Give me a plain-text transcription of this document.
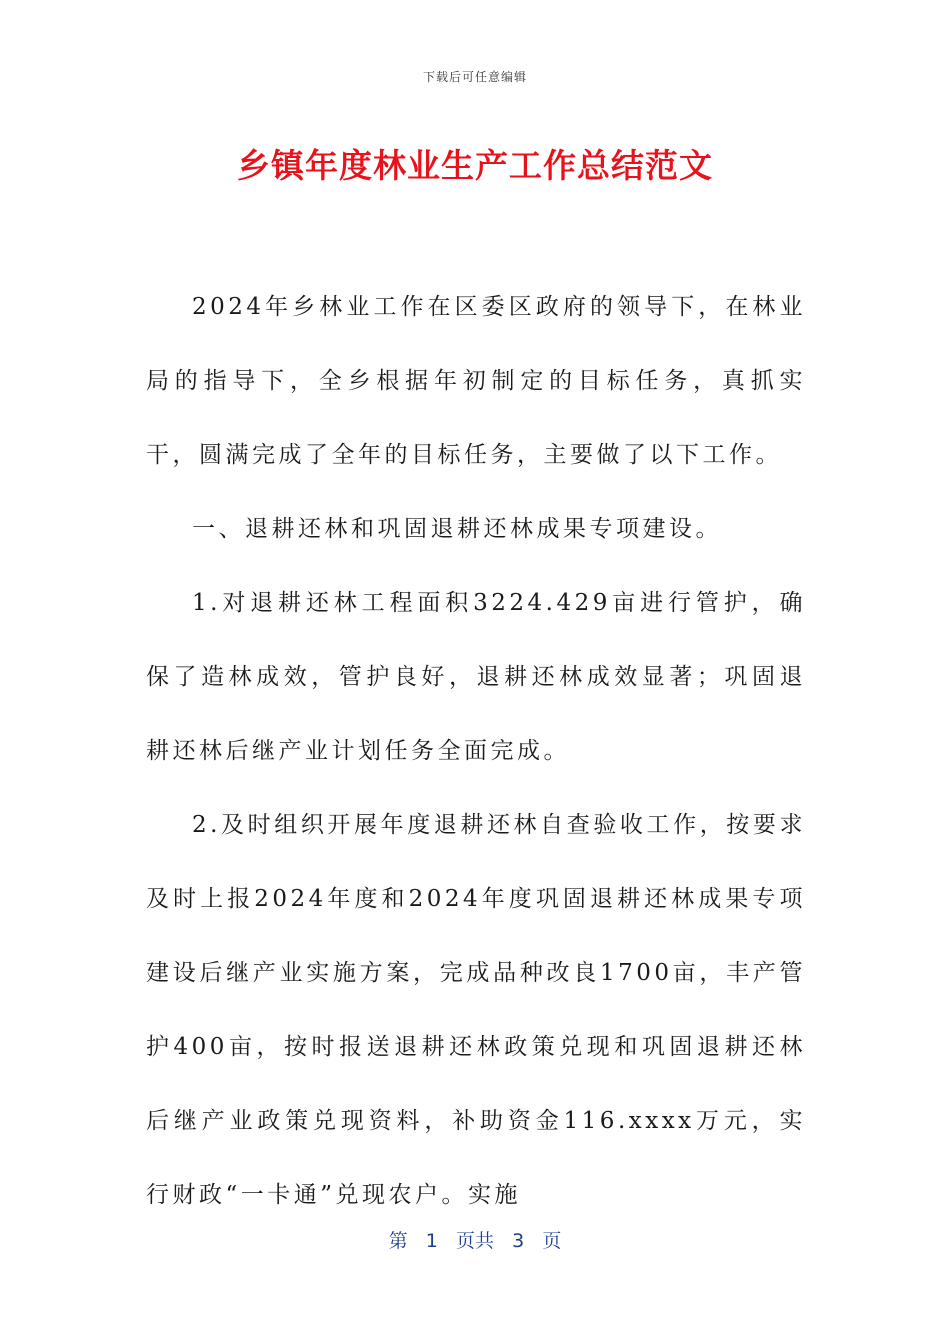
下载后可任意编辑
乡镇年度林业生产工作总结范文

2024年乡林业工作在区委区政府的领导下，在林业局的指导下，全乡根据年初制定的目标任务，真抓实干，圆满完成了全年的目标任务，主要做了以下工作。

一、退耕还林和巩固退耕还林成果专项建设。

1.对退耕还林工程面积3224.429亩进行管护，确保了造林成效，管护良好，退耕还林成效显著；巩固退耕还林后继产业计划任务全面完成。

2.及时组织开展年度退耕还林自查验收工作，按要求及时上报2024年度和2024年度巩固退耕还林成果专项建设后继产业实施方案，完成品种改良1700亩，丰产管护400亩，按时报送退耕还林政策兑现和巩固退耕还林后继产业政策兑现资料，补助资金116.xxxx万元，实行财政“一卡通”兑现农户。实施

第 1 页共 3 页
